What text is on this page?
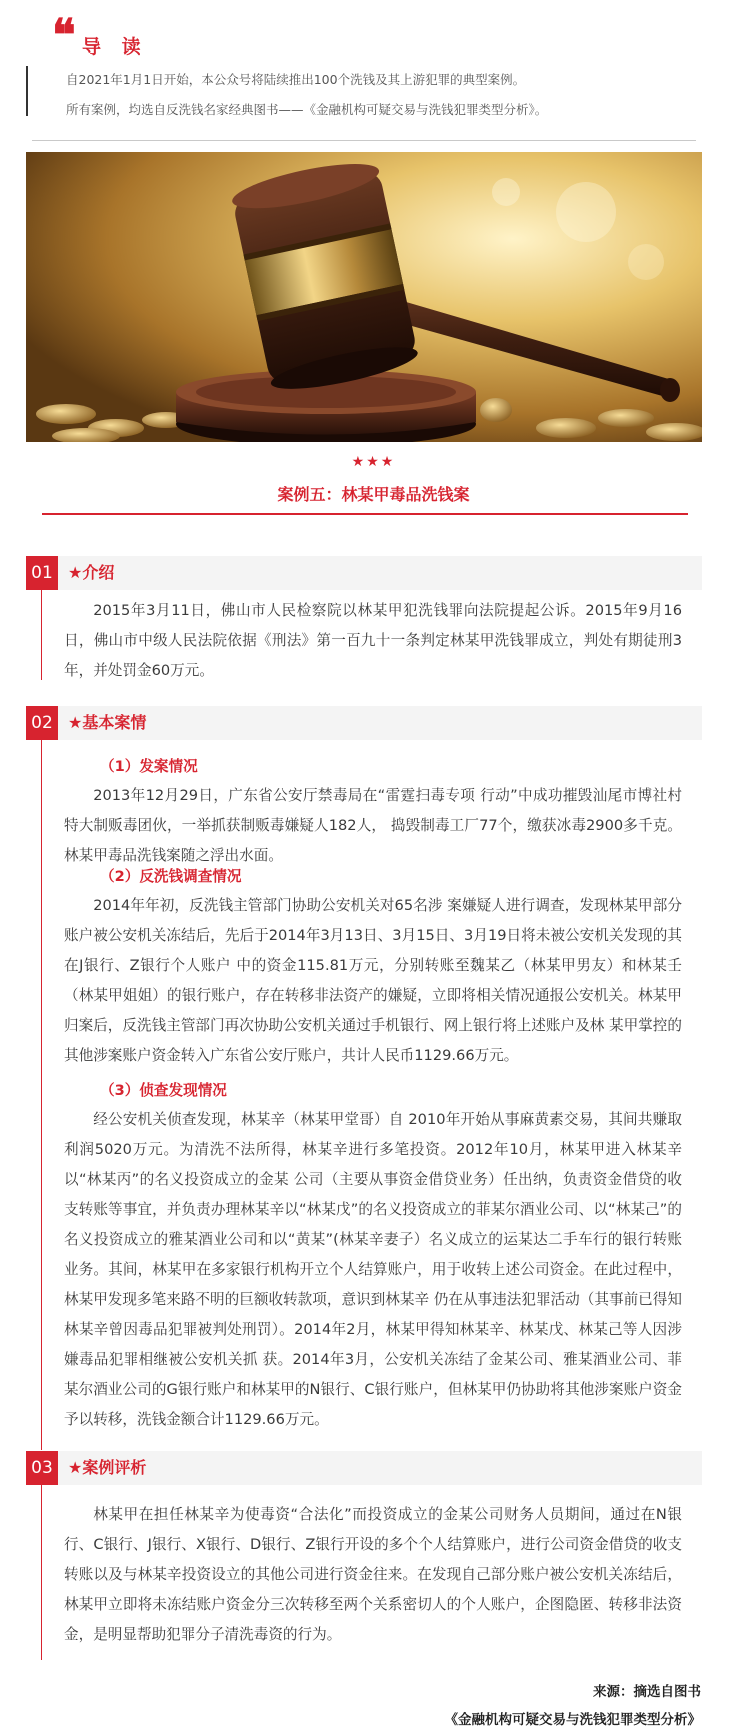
❝ 导 读
自2021年1月1日开始，本公众号将陆续推出100个洗钱及其上游犯罪的典型案例。
所有案例，均选自反洗钱名家经典图书——《金融机构可疑交易与洗钱犯罪类型分析》。
★★★
案例五：林某甲毒品洗钱案
01 ★介绍

2015年3月11日，佛山市人民检察院以林某甲犯洗钱罪向法院提起公诉。2015年9月16日，佛山市中级人民法院依据《刑法》第一百九十一条判定林某甲洗钱罪成立，判处有期徒刑3年，并处罚金60万元。

02 ★基本案情
（1）发案情况

2013年12月29日，广东省公安厅禁毒局在“雷霆扫毒专项 行动”中成功摧毁汕尾市博社村特大制贩毒团伙，一举抓获制贩毒嫌疑人182人， 捣毁制毒工厂77个，缴获冰毒2900多千克。林某甲毒品洗钱案随之浮出水面。

（2）反洗钱调查情况

2014年年初，反洗钱主管部门协助公安机关对65名涉 案嫌疑人进行调查，发现林某甲部分账户被公安机关冻结后，先后于2014年3月13日、3月15日、3月19日将未被公安机关发现的其在J银行、Z银行个人账户 中的资金115.81万元，分别转账至魏某乙（林某甲男友）和林某壬（林某甲姐姐）的银行账户，存在转移非法资产的嫌疑，立即将相关情况通报公安机关。林某甲归案后，反洗钱主管部门再次协助公安机关通过手机银行、网上银行将上述账户及林 某甲掌控的其他涉案账户资金转入广东省公安厅账户，共计人民币1129.66万元。

（3）侦查发现情况

经公安机关侦查发现，林某辛（林某甲堂哥）自 2010年开始从事麻黄素交易，其间共赚取利润5020万元。为清洗不法所得，林某辛进行多笔投资。2012年10月，林某甲进入林某辛以“林某丙”的名义投资成立的金某 公司（主要从事资金借贷业务）任出纳，负责资金借贷的收支转账等事宜，并负责办理林某辛以“林某戊”的名义投资成立的菲某尔酒业公司、以“林某己”的名义投资成立的雅某酒业公司和以“黄某”(林某辛妻子）名义成立的运某达二手车行的银行转账业务。其间，林某甲在多家银行机构开立个人结算账户，用于收转上述公司资金。在此过程中，林某甲发现多笔来路不明的巨额收转款项，意识到林某辛 仍在从事违法犯罪活动（其事前已得知林某辛曾因毒品犯罪被判处刑罚）。2014年2月，林某甲得知林某辛、林某戊、林某己等人因涉嫌毒品犯罪相继被公安机关抓 获。2014年3月，公安机关冻结了金某公司、雅某酒业公司、菲某尔酒业公司的G银行账户和林某甲的N银行、C银行账户，但林某甲仍协助将其他涉案账户资金予以转移，洗钱金额合计1129.66万元。

03 ★案例评析

林某甲在担任林某辛为使毒资“合法化”而投资成立的金某公司财务人员期间，通过在N银行、C银行、J银行、X银行、D银行、Z银行开设的多个个人结算账户，进行公司资金借贷的收支转账以及与林某辛投资设立的其他公司进行资金往来。在发现自己部分账户被公安机关冻结后，林某甲立即将未冻结账户资金分三次转移至两个关系密切人的个人账户，企图隐匿、转移非法资金，是明显帮助犯罪分子清洗毒资的行为。

来源：摘选自图书
《金融机构可疑交易与洗钱犯罪类型分析》
